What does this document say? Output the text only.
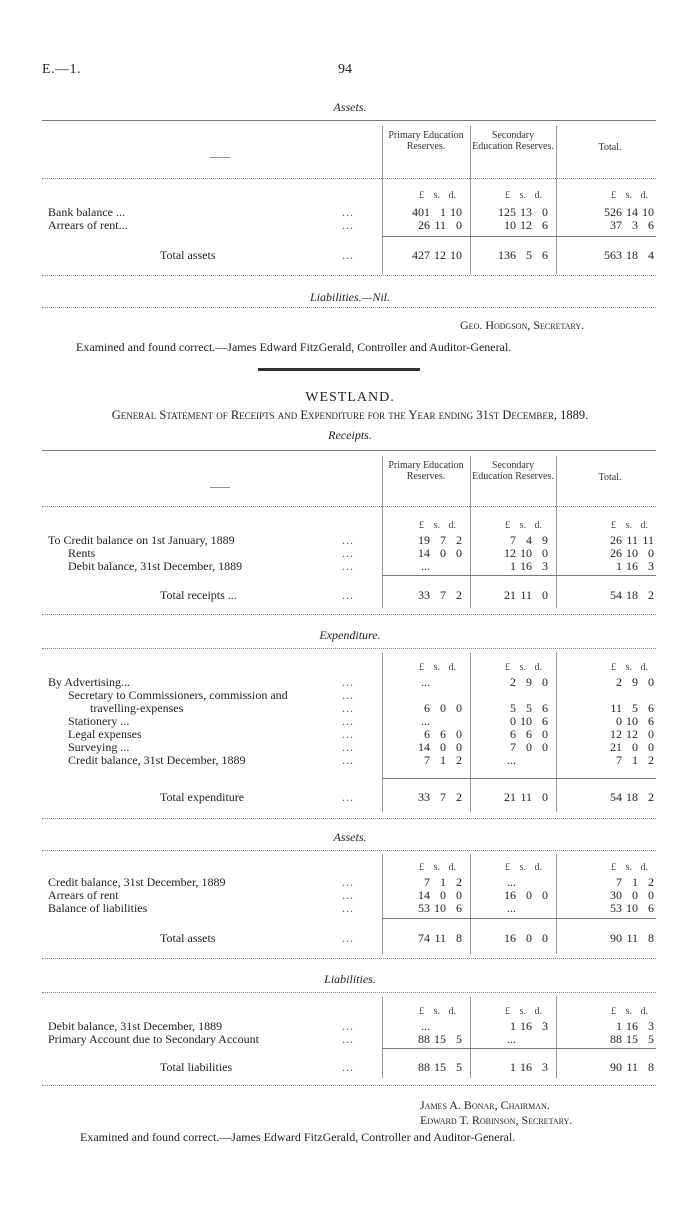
E.—1.	94
Assets.
——
Primary Education Reserves.
Secondary Education Reserves.	Total.
£ s. d.	£ s. d.	£ s. d.
Bank balance ...	...	401 1 10	125 13 0	526 14 10
Arrears of rent...	...	26 11 0	10 12 6	37 3 6
Total assets	...	427 12 10	136 5 6	563 18 4
Liabilities.—Nil.
Geo. Hodgson, Secretary.
Examined and found correct.—James Edward FitzGerald, Controller and Auditor-General.
WESTLAND.
General Statement of Receipts and Expenditure for the Year ending 31st December, 1889.
Receipts.
——
Primary Education Reserves.
Secondary Education Reserves.	Total.
£ s. d.	£ s. d.	£ s. d.
To Credit balance on 1st January, 1889	...	19 7 2	7 4 9	26 11 11
Rents	...	14 0 0	12 10 0	26 10 0
Debit balance, 31st December, 1889	...	...	1 16 3	1 16 3
Total receipts ...	...	33 7 2	21 11 0	54 18 2
Expenditure.
£ s. d.	£ s. d.	£ s. d.
By Advertising...	...	...	2 9 0	2 9 0
Secretary to Commissioners, commission and	...
travelling-expenses	...	6 0 0	5 5 6	11 5 6
Stationery ...	...	...	0 10 6	0 10 6
Legal expenses	...	6 6 0	6 6 0	12 12 0
Surveying ...	...	14 0 0	7 0 0	21 0 0
Credit balance, 31st December, 1889	...	7 1 2	...	7 1 2
Total expenditure	...	33 7 2	21 11 0	54 18 2
Assets.
£ s. d.	£ s. d.	£ s. d.
Credit balance, 31st December, 1889	...	7 1 2	...	7 1 2
Arrears of rent	...	14 0 0	16 0 0	30 0 0
Balance of liabilities	...	53 10 6	...	53 10 6
Total assets	...	74 11 8	16 0 0	90 11 8
Liabilities.
£ s. d.	£ s. d.	£ s. d.
Debit balance, 31st December, 1889	...	...	1 16 3	1 16 3
Primary Account due to Secondary Account	...	88 15 5	...	88 15 5
Total liabilities	...	88 15 5	1 16 3	90 11 8
James A. Bonar, Chairman.
Edward T. Robinson, Secretary.
Examined and found correct.—James Edward FitzGerald, Controller and Auditor-General.
